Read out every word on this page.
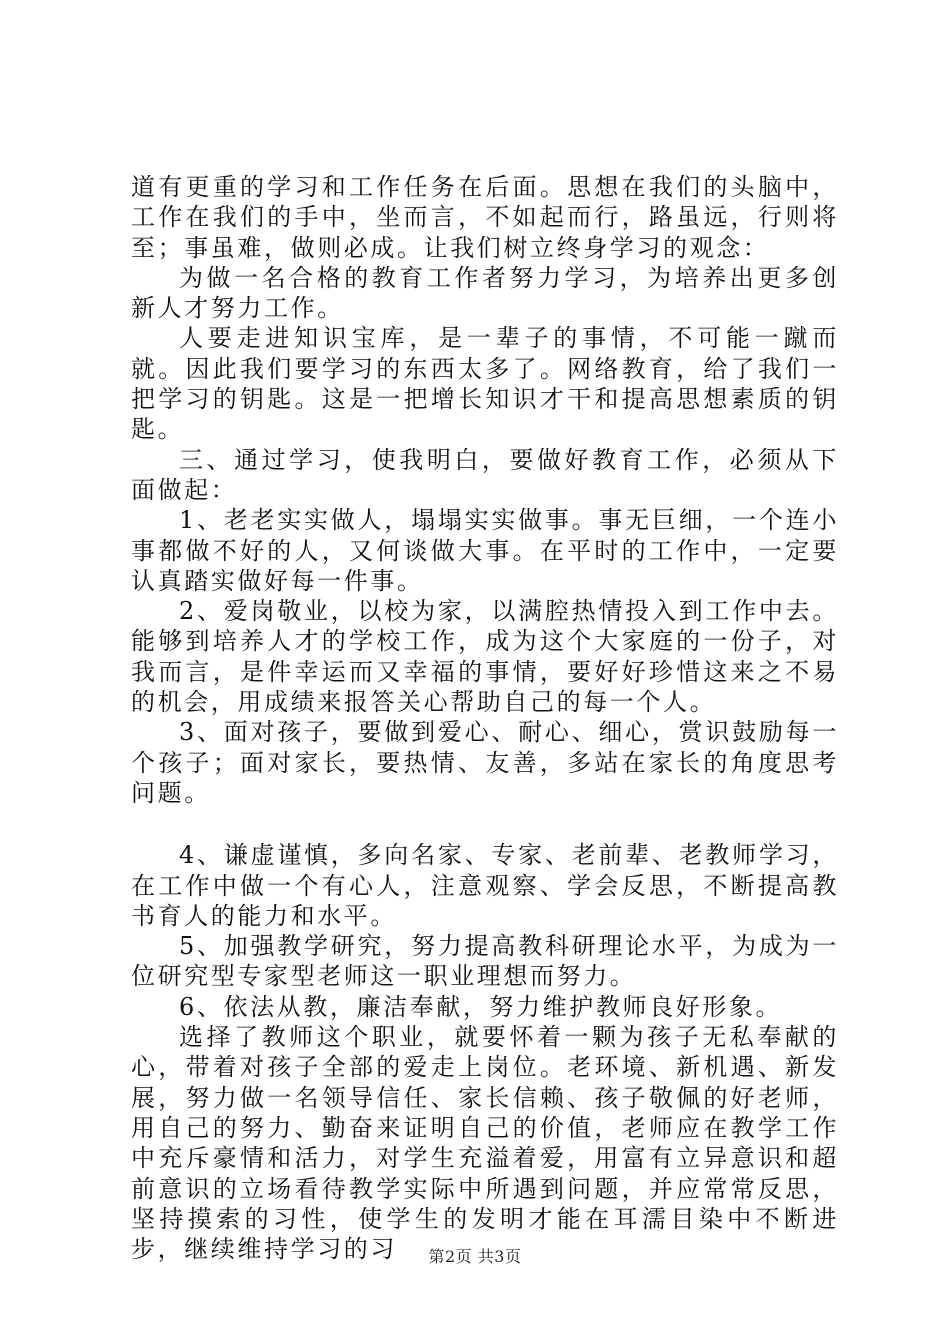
道有更重的学习和工作任务在后面。思想在我们的头脑中，工作在我们的手中，坐而言，不如起而行，路虽远，行则将至；事虽难，做则必成。让我们树立终身学习的观念：

为做一名合格的教育工作者努力学习，为培养出更多创新人才努力工作。

人要走进知识宝库，是一辈子的事情，不可能一蹴而就。因此我们要学习的东西太多了。网络教育，给了我们一把学习的钥匙。这是一把增长知识才干和提高思想素质的钥匙。

三、通过学习，使我明白，要做好教育工作，必须从下面做起：

1、老老实实做人，塌塌实实做事。事无巨细，一个连小事都做不好的人，又何谈做大事。在平时的工作中，一定要认真踏实做好每一件事。

2、爱岗敬业，以校为家，以满腔热情投入到工作中去。能够到培养人才的学校工作，成为这个大家庭的一份子，对我而言，是件幸运而又幸福的事情，要好好珍惜这来之不易的机会，用成绩来报答关心帮助自己的每一个人。

3、面对孩子，要做到爱心、耐心、细心，赏识鼓励每一个孩子；面对家长，要热情、友善，多站在家长的角度思考问题。

4、谦虚谨慎，多向名家、专家、老前辈、老教师学习，在工作中做一个有心人，注意观察、学会反思，不断提高教书育人的能力和水平。

5、加强教学研究，努力提高教科研理论水平，为成为一位研究型专家型老师这一职业理想而努力。

6、依法从教，廉洁奉献，努力维护教师良好形象。

选择了教师这个职业，就要怀着一颗为孩子无私奉献的心，带着对孩子全部的爱走上岗位。老环境、新机遇、新发展，努力做一名领导信任、家长信赖、孩子敬佩的好老师，用自己的努力、勤奋来证明自己的价值，老师应在教学工作中充斥豪情和活力，对学生充溢着爱，用富有立异意识和超前意识的立场看待教学实际中所遇到问题，并应常常反思，坚持摸索的习性，使学生的发明才能在耳濡目染中不断进步，继续维持学习的习	第2页 共3页
